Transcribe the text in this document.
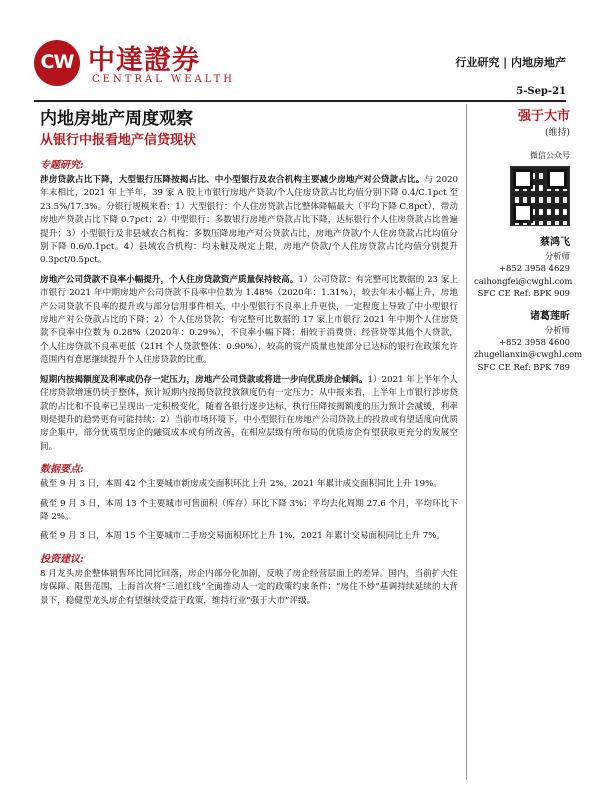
CW 中達證券
CENTRAL WEALTH
行业研究 | 内地房地产
5-Sep-21
内地房地产周度观察
从银行中报看地产信贷现状
专题研究:

涉房贷款占比下降，大型银行压降按揭占比、中小型银行及农合机构主要减少房地产对公贷款占比。与 2020年末相比，2021 年上半年，39 家 A 股上市银行房地产贷款/个人住房贷款占比均值分别下降 0.4/C.1pct 至 23.5%/17.3%。分银行规模来看：1）大型银行：个人住房贷款占比整体降幅最大（平均下降 C.8pct），带动房地产贷款占比下降 0.7pct；2）中型银行：多数银行房地产贷款占比下降，达标银行个人住房贷款占比普遍提升；3）小型银行及非县域农合机构：多数压降房地产对公贷款占比，房地产贷款/个人住房贷款占比均值分别下降 0.6/0.1pct。4）县域农合机构：均未触及规定上限，房地产贷款/个人住房贷款占比均值分别提升 0.3pct/0.5pct。

房地产公司贷款不良率小幅提升，个人住房贷款资产质量保持较高。1）公司贷款：有完整可比数据的 23 家上市银行 2021 年中期房地产公司贷款不良率中位数为 1.48%（2020年：1.31%），较去年末小幅上升，房地产公司贷款不良率的提升或与部分信用事件相关，中小型银行不良率上升更快，一定程度上导致了中小型银行房地产对公贷款占比的下降；2）个人住房贷款：有完整可比数据的 17 家上市银行 2021 年中期个人住房贷款不良率中位数为 0.28%（2020年：0.29%），不良率小幅下降；相较于消费贷、经营贷等其他个人贷款，个人住房贷款不良率更低（21H 个人贷款整体：0.90%），较高的资产质量也使部分已达标的银行在政策允许范围内有意愿继续提升个人住房贷款的比重。

短期内按揭额度及利率或仍存一定压力，房地产公司贷款或将进一步向优质房企倾斜。1）2021 年上半年个人住房贷款增速仍快于整体，预计短期内按揭贷款投放额度仍有一定压力；从中报来看，上半年上市银行涉房贷款的占比和不良率已呈现出一定积极变化，随着各银行逐步达标，执行压降按揭额度的压力预计会减缓，利率则是提升的趋势更有可能持续；2）当前市场环境下，中小型银行在房地产公司贷款上的投放或有望适度向优质房企集中，部分优质型房企的融资成本或有所改善，在相应层级有所布局的优质房企有望获取更充分的发展空间。

数据要点:

截至 9 月 3 日，本周 42 个主要城市新房成交面积环比上升 2%，2021 年累计成交面积同比上升 19%。

截至 9 月 3 日，本周 13 个主要城市可售面积（库存）环比下降 3%；平均去化周期 27.6 个月，平均环比下降 2%。

截至 9 月 3 日，本周 15 个主要城市二手房交易面积环比上升 1%，2021 年累计交易面积同比上升 7%。

投资建议:

8 月龙头房企整体销售环比同比回落，房企内部分化加剧，反映了房企经营层面上的差异。国内，当前扩大住房保障、限售范围，上海首次将“三道红线”全面推动人一定的政策约束条件；“房住不炒”基调持续延续的大背景下，稳健型龙头房企有望继续受益于政策，维持行业“强于大市”评级。

强于大市
(维持)
微信公众号
蔡鸿飞
分析师
+852 3958 4629
caihongfei@cwghl.com
SFC CE Ref: BPK 909
诸葛莲昕
分析师
+852 3958 4600
zhugelianxin@cwghl.com
SFC CE Ref: BPK 789
